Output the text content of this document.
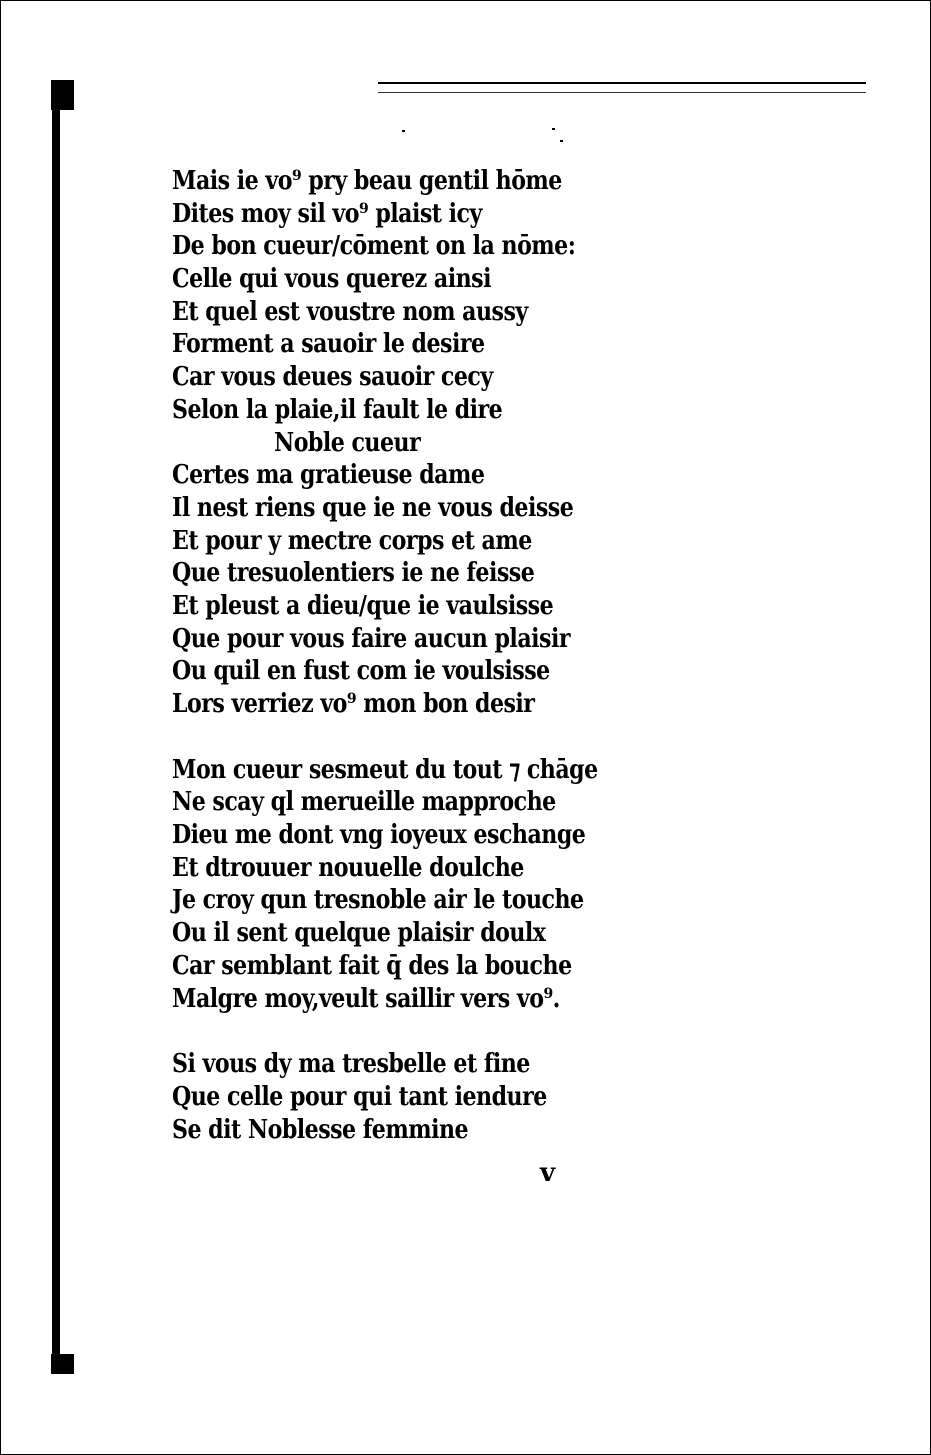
Mais ie vo⁹ pry beau gentil hōme
Dites moy sil vo⁹ plaist icy
De bon cueur/cōment on la nōme:
Celle qui vous querez ainsi
Et quel est voustre nom aussy
Forment a sauoir le desire
Car vous deues sauoir cecy
Selon la plaie,il fault le dire
Noble cueur
Certes ma gratieuse dame
Il nest riens que ie ne vous deisse
Et pour y mectre corps et ame
Que tresuolentiers ie ne feisse
Et pleust a dieu/que ie vaulsisse
Que pour vous faire aucun plaisir
Ou quil en fust com ie voulsisse
Lors verriez vo⁹ mon bon desir
Mon cueur sesmeut du tout ⁊ chāge
Ne scay ql merueille mapproche
Dieu me dont vng ioyeux eschange
Et dtrouuer nouuelle doulche
Je croy qun tresnoble air le touche
Ou il sent quelque plaisir doulx
Car semblant fait q̄ des la bouche
Malgre moy,veult saillir vers vo⁹.
Si vous dy ma tresbelle et fine
Que celle pour qui tant iendure
Se dit Noblesse femmine
v
